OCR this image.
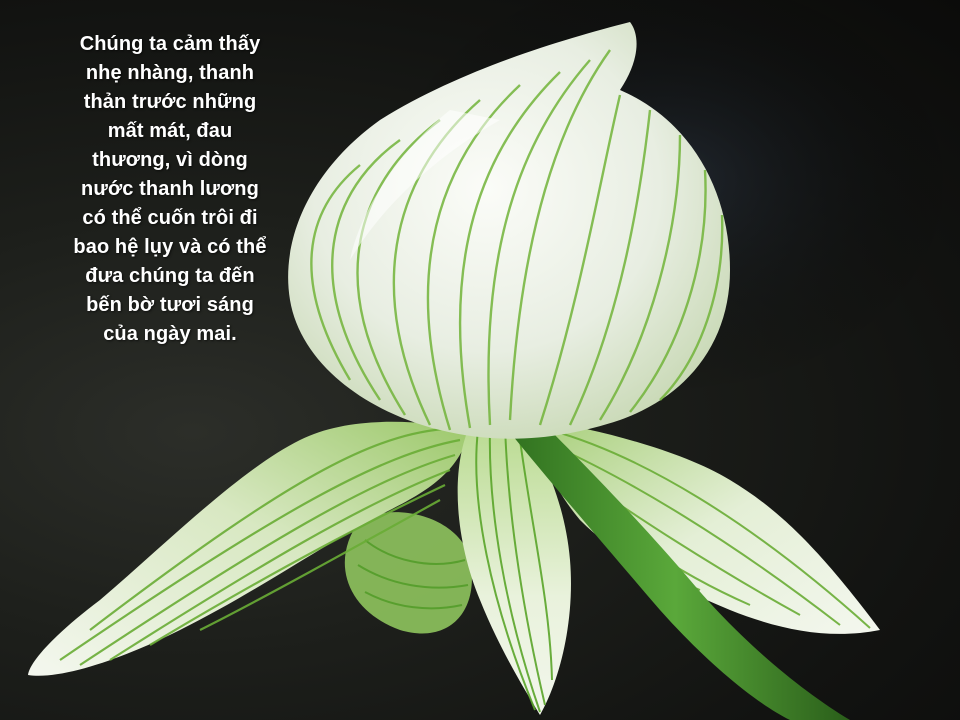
Chúng ta cảm thấy
nhẹ nhàng, thanh
thản trước những
mất mát, đau
thương, vì dòng
nước thanh lương
có thể cuốn trôi đi
bao hệ lụy và có thể
đưa chúng ta đến
bến bờ tươi sáng
của ngày mai.
